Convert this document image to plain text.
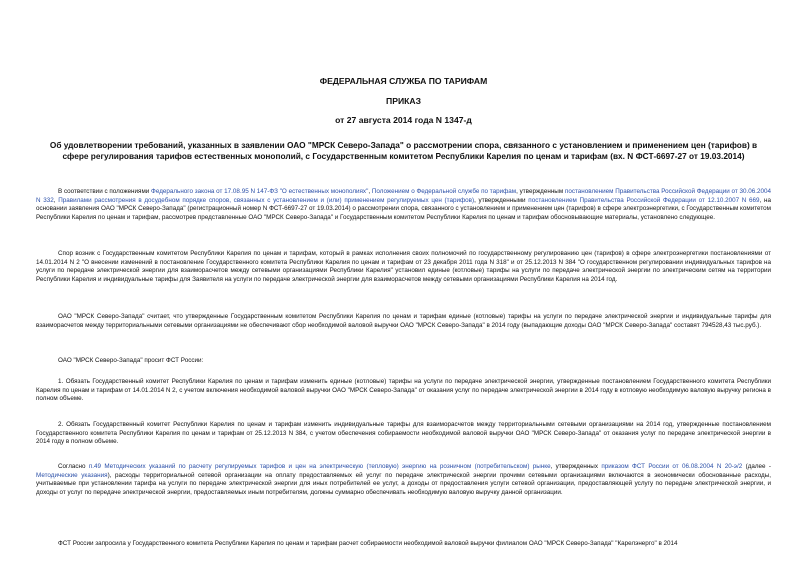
ФЕДЕРАЛЬНАЯ СЛУЖБА ПО ТАРИФАМ
ПРИКАЗ
от 27 августа 2014 года N 1347-д
Об удовлетворении требований, указанных в заявлении ОАО "МРСК Северо-Запада" о рассмотрении спора, связанного с установлением и применением цен (тарифов) в сфере регулирования тарифов естественных монополий, с Государственным комитетом Республики Карелия по ценам и тарифам (вх. N ФСТ-6697-27 от 19.03.2014)

В соответствии с положениями Федерального закона от 17.08.95 N 147-ФЗ "О естественных монополиях", Положением о Федеральной службе по тарифам, утвержденным постановлением Правительства Российской Федерации от 30.06.2004 N 332, Правилами рассмотрения в досудебном порядке споров, связанных с установлением и (или) применением регулируемых цен (тарифов), утвержденными постановлением Правительства Российской Федерации от 12.10.2007 N 669, на основании заявления ОАО "МРСК Северо-Запада" (регистрационный номер N ФСТ-6697-27 от 19.03.2014) о рассмотрении спора, связанного с установлением и применением цен (тарифов) в сфере электроэнергетики, с Государственным комитетом Республики Карелия по ценам и тарифам, рассмотрев представленные ОАО "МРСК Северо-Запада" и Государственным комитетом Республики Карелия по ценам и тарифам обосновывающие материалы, установлено следующее.

Спор возник с Государственным комитетом Республики Карелия по ценам и тарифам, который в рамках исполнения своих полномочий по государственному регулированию цен (тарифов) в сфере электроэнергетики постановлениями от 14.01.2014 N 2 "О внесении изменений в постановление Государственного комитета Республики Карелия по ценам и тарифам от 23 декабря 2011 года N 318" и от 25.12.2013 N 384 "О государственном регулировании индивидуальных тарифов на услуги по передаче электрической энергии для взаиморасчетов между сетевыми организациями Республики Карелия" установил единые (котловые) тарифы на услуги по передаче электрической энергии по электрическим сетям на территории Республики Карелия и индивидуальные тарифы для Заявителя на услуги по передаче электрической энергии для взаиморасчетов между сетевыми организациями Республики Карелия на 2014 год.

ОАО "МРСК Северо-Запада" считает, что утвержденные Государственным комитетом Республики Карелия по ценам и тарифам единые (котловые) тарифы на услуги по передаче электрической энергии и индивидуальные тарифы для взаиморасчетов между территориальными сетевыми организациями не обеспечивают сбор необходимой валовой выручки ОАО "МРСК Северо-Запада" в 2014 году (выпадающие доходы ОАО "МРСК Северо-Запада" составят 794528,43 тыс.руб.).

ОАО "МРСК Северо-Запада" просит ФСТ России:

1. Обязать Государственный комитет Республики Карелия по ценам и тарифам изменить единые (котловые) тарифы на услуги по передаче электрической энергии, утвержденные постановлением Государственного комитета Республики Карелия по ценам и тарифам от 14.01.2014 N 2, с учетом включения необходимой валовой выручки ОАО "МРСК Северо-Запада" от оказания услуг по передаче электрической энергии в 2014 году в котловую необходимую валовую выручку региона в полном объеме.

2. Обязать Государственный комитет Республики Карелия по ценам и тарифам изменить индивидуальные тарифы для взаиморасчетов между территориальными сетевыми организациями на 2014 год, утвержденные постановлением Государственного комитета Республики Карелия по ценам и тарифам от 25.12.2013 N 384, с учетом обеспечения собираемости необходимой валовой выручки ОАО "МРСК Северо-Запада" от оказания услуг по передаче электрической энергии в 2014 году в полном объеме.

Согласно п.49 Методических указаний по расчету регулируемых тарифов и цен на электрическую (тепловую) энергию на розничном (потребительском) рынке, утвержденных приказом ФСТ России от 06.08.2004 N 20-э/2 (далее - Методические указания), расходы территориальной сетевой организации на оплату предоставляемых ей услуг по передаче электрической энергии прочими сетевыми организациями включаются в экономически обоснованные расходы, учитываемые при установлении тарифа на услуги по передаче электрической энергии для иных потребителей ее услуг, а доходы от предоставления услуги сетевой организации, предоставляющей услугу по передаче электрической энергии, и доходы от услуг по передаче электрической энергии, предоставляемых иным потребителям, должны суммарно обеспечивать необходимую валовую выручку данной организации.

ФСТ России запросила у Государственного комитета Республики Карелия по ценам и тарифам расчет собираемости необходимой валовой выручки филиалом ОАО "МРСК Северо-Запада" "Карелэнерго" в 2014
